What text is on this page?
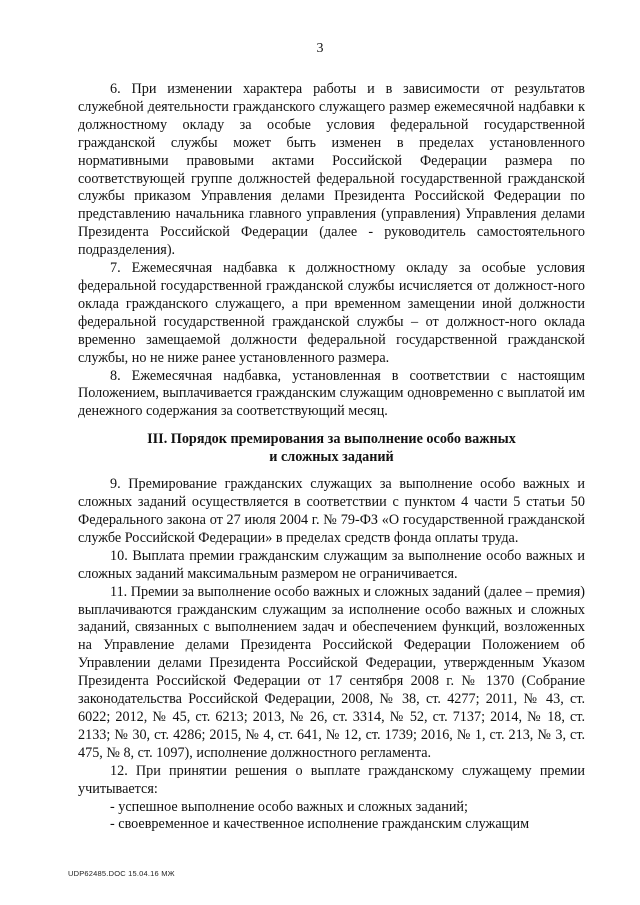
3

6. При изменении характера работы и в зависимости от результатов служебной деятельности гражданского служащего размер ежемесячной надбавки к должностному окладу за особые условия федеральной государственной гражданской службы может быть изменен в пределах установленного нормативными правовыми актами Российской Федерации размера по соответствующей группе должностей федеральной государственной гражданской службы приказом Управления делами Президента Российской Федерации по представлению начальника главного управления (управления) Управления делами Президента Российской Федерации (далее - руководитель самостоятельного подразделения).

7. Ежемесячная надбавка к должностному окладу за особые условия федеральной государственной гражданской службы исчисляется от должност-ного оклада гражданского служащего, а при временном замещении иной должности федеральной государственной гражданской службы – от должност-ного оклада временно замещаемой должности федеральной государственной гражданской службы, но не ниже ранее установленного размера.

8. Ежемесячная надбавка, установленная в соответствии с настоящим Положением, выплачивается гражданским служащим одновременно с выплатой им денежного содержания за соответствующий месяц.

III. Порядок премирования за выполнение особо важных
и сложных заданий

9. Премирование гражданских служащих за выполнение особо важных и сложных заданий осуществляется в соответствии с пунктом 4 части 5 статьи 50 Федерального закона от 27 июля 2004 г. № 79-ФЗ «О государственной гражданской службе Российской Федерации» в пределах средств фонда оплаты труда.

10. Выплата премии гражданским служащим за выполнение особо важных и сложных заданий максимальным размером не ограничивается.

11. Премии за выполнение особо важных и сложных заданий (далее – премия) выплачиваются гражданским служащим за исполнение особо важных и сложных заданий, связанных с выполнением задач и обеспечением функций, возложенных на Управление делами Президента Российской Федерации Положением об Управлении делами Президента Российской Федерации, утвержденным Указом Президента Российской Федерации от 17 сентября 2008 г. № 1370 (Собрание законодательства Российской Федерации, 2008, № 38, ст. 4277; 2011, № 43, ст. 6022; 2012, № 45, ст. 6213; 2013, № 26, ст. 3314, № 52, ст. 7137; 2014, № 18, ст. 2133; № 30, ст. 4286; 2015, № 4, ст. 641, № 12, ст. 1739; 2016, № 1, ст. 213, № 3, ст. 475, № 8, ст. 1097), исполнение должностного регламента.

12. При принятии решения о выплате гражданскому служащему премии учитывается:

- успешное выполнение особо важных и сложных заданий;

- своевременное и качественное исполнение гражданским служащим

UDP62485.DOC 15.04.16 МЖ
